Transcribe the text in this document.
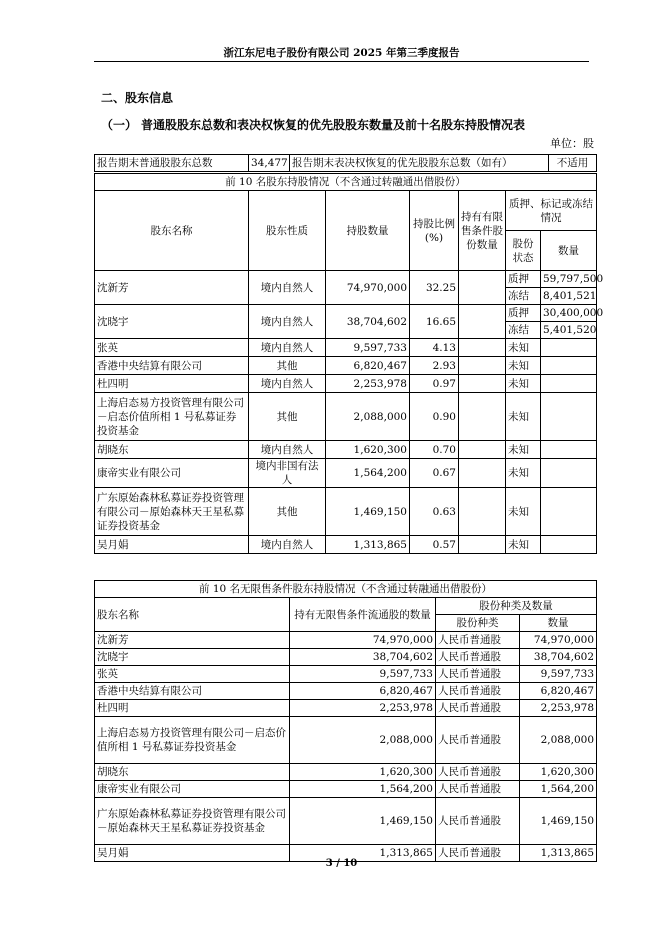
浙江东尼电子股份有限公司 2025 年第三季度报告
二、股东信息
（一） 普通股股东总数和表决权恢复的优先股股东数量及前十名股东持股情况表
单位：股
报告期末普通股股东总数	34,477	报告期末表决权恢复的优先股股东总数（如有）	不适用
前 10 名股东持股情况（不含通过转融通出借股份）						
股东名称	股东性质	持股数量	持股比例(%)	持有有限售条件股份数量	质押、标记或冻结情况	
					股份状态	数量
沈新芳	境内自然人	74,970,000	32.25		质押	59,797,500
					冻结	8,401,521
沈晓宇	境内自然人	38,704,602	16.65		质押	30,400,000
					冻结	5,401,520
张英	境内自然人	9,597,733	4.13		未知	
香港中央结算有限公司	其他	6,820,467	2.93		未知	
杜四明	境内自然人	2,253,978	0.97		未知	
上海启态易方投资管理有限公司－启态价值所相 1 号私募证券投资基金	其他	2,088,000	0.90		未知	
胡晓东	境内自然人	1,620,300	0.70		未知	
康帝实业有限公司	境内非国有法人	1,564,200	0.67		未知	
广东原始森林私募证券投资管理有限公司－原始森林天王星私募证券投资基金	其他	1,469,150	0.63		未知	
吴月娟	境内自然人	1,313,865	0.57		未知	
前 10 名无限售条件股东持股情况（不含通过转融通出借股份）			
股东名称	持有无限售条件流通股的数量	股份种类及数量	
		股份种类	数量
沈新芳	74,970,000	人民币普通股	74,970,000
沈晓宇	38,704,602	人民币普通股	38,704,602
张英	9,597,733	人民币普通股	9,597,733
香港中央结算有限公司	6,820,467	人民币普通股	6,820,467
杜四明	2,253,978	人民币普通股	2,253,978
上海启态易方投资管理有限公司－启态价值所相 1 号私募证券投资基金	2,088,000	人民币普通股	2,088,000
胡晓东	1,620,300	人民币普通股	1,620,300
康帝实业有限公司	1,564,200	人民币普通股	1,564,200
广东原始森林私募证券投资管理有限公司－原始森林天王星私募证券投资基金	1,469,150	人民币普通股	1,469,150
吴月娟	1,313,865	人民币普通股	1,313,865
3 / 10
